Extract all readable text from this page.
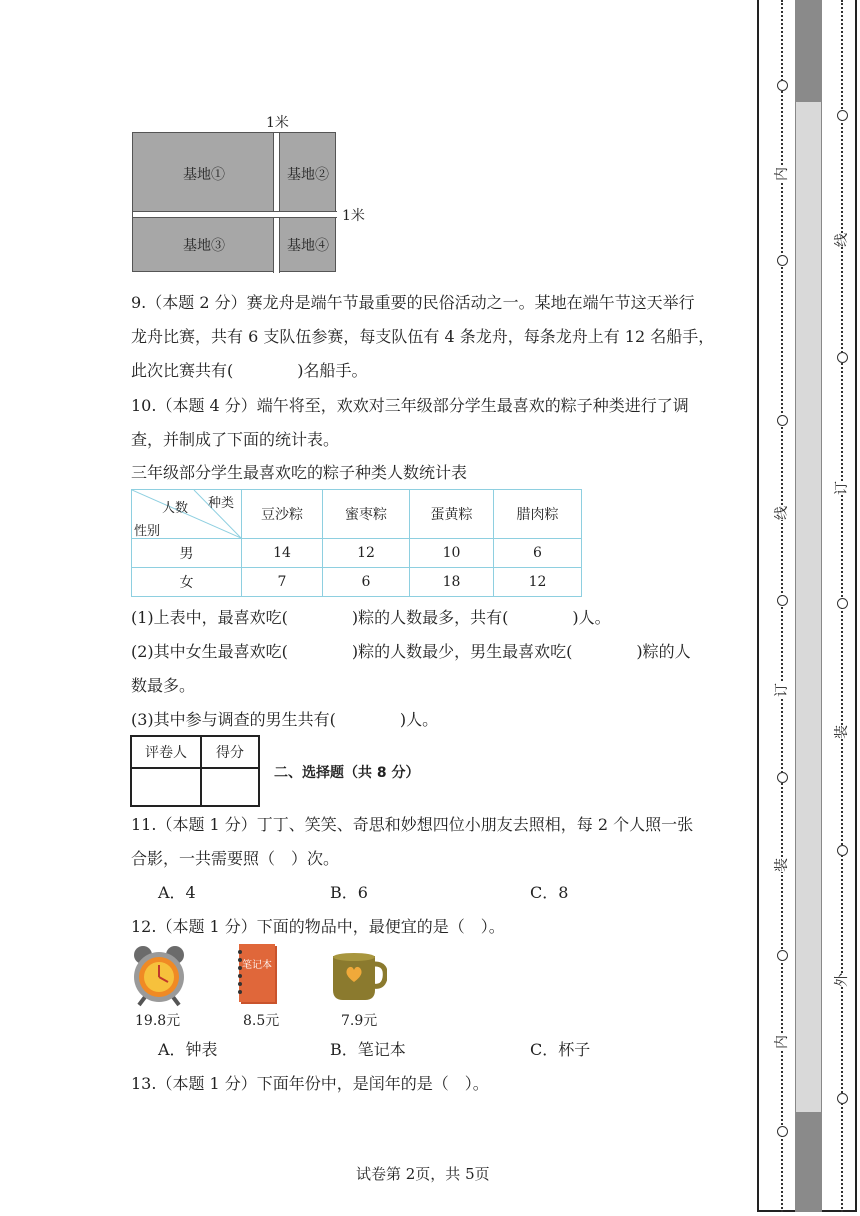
1米
基地①	基地②
基地③	基地④
1米
9.（本题 2 分）赛龙舟是端午节最重要的民俗活动之一。某地在端午节这天举行
龙舟比赛，共有 6 支队伍参赛，每支队伍有 4 条龙舟，每条龙舟上有 12 名船手，
此次比赛共有(　　　　)名船手。
10.（本题 4 分）端午将至，欢欢对三年级部分学生最喜欢的粽子种类进行了调
查，并制成了下面的统计表。
三年级部分学生最喜欢吃的粽子种类人数统计表
种类
人数
性别	豆沙粽	蜜枣粽	蛋黄粽	腊肉粽
男	14	12	10	6
女	7	6	18	12
(1)上表中，最喜欢吃(　　　　)粽的人数最多，共有(　　　　)人。
(2)其中女生最喜欢吃(　　　　)粽的人数最少，男生最喜欢吃(　　　　)粽的人
数最多。
(3)其中参与调查的男生共有(　　　　)人。
评卷人	得分

二、选择题（共 8 分）
11.（本题 1 分）丁丁、笑笑、奇思和妙想四位小朋友去照相，每 2 个人照一张
合影，一共需要照（　）次。
A．4	B．6	C．8
12.（本题 1 分）下面的物品中，最便宜的是（　）。
19.8元
笔记本
8.5元	7.9元
A．钟表	B．笔记本	C．杯子
13.（本题 1 分）下面年份中，是闰年的是（　）。
试卷第 2页，共 5页
内
线
订
装
内
线
订
装
外
